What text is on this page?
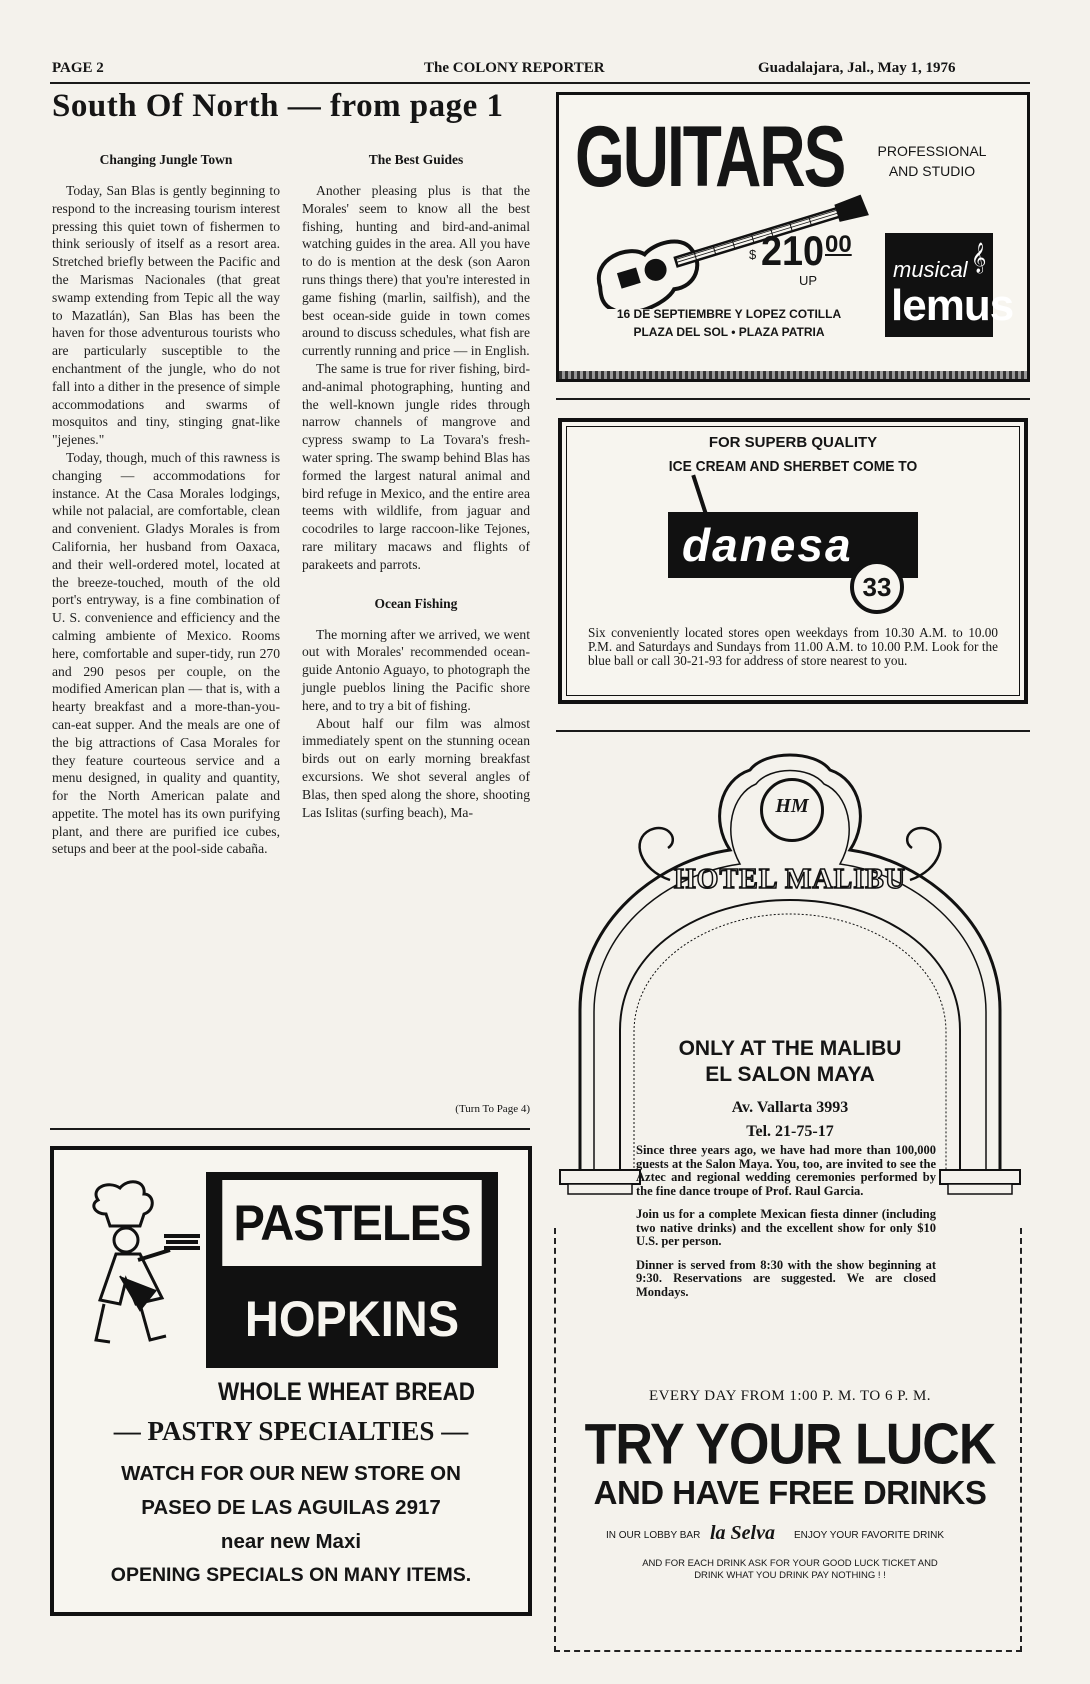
PAGE 2	The COLONY REPORTER	Guadalajara, Jal., May 1, 1976
South Of North — from page 1
Changing Jungle Town

Today, San Blas is gently beginning to respond to the increasing tourism interest pressing this quiet town of fishermen to think seriously of itself as a resort area. Stretched briefly between the Pacific and the Marismas Nacionales (that great swamp extending from Tepic all the way to Mazatlán), San Blas has been the haven for those adventurous tourists who are particularly susceptible to the enchantment of the jungle, who do not fall into a dither in the presence of simple accommodations and swarms of mosquitos and tiny, stinging gnat-like "jejenes."

Today, though, much of this rawness is changing — accommodations for instance. At the Casa Morales lodgings, while not palacial, are comfortable, clean and convenient. Gladys Morales is from California, her husband from Oaxaca, and their well-ordered motel, located at the breeze-touched, mouth of the old port's entryway, is a fine combination of U. S. convenience and efficiency and the calming ambiente of Mexico. Rooms here, comfortable and super-tidy, run 270 and 290 pesos per couple, on the modified American plan — that is, with a hearty breakfast and a more-than-you-can-eat supper. And the meals are one of the big attractions of Casa Morales for they feature courteous service and a menu designed, in quality and quantity, for the North American palate and appetite. The motel has its own purifying plant, and there are purified ice cubes, setups and beer at the pool-side cabaña.

The Best Guides

Another pleasing plus is that the Morales' seem to know all the best fishing, hunting and bird-and-animal watching guides in the area. All you have to do is mention at the desk (son Aaron runs things there) that you're interested in game fishing (marlin, sailfish), and the best ocean-side guide in town comes around to discuss schedules, what fish are currently running and price — in English.

The same is true for river fishing, bird-and-animal photographing, hunting and the well-known jungle rides through narrow channels of mangrove and cypress swamp to La Tovara's fresh-water spring. The swamp behind Blas has formed the largest natural animal and bird refuge in Mexico, and the entire area teems with wildlife, from jaguar and cocodriles to large raccoon-like Tejones, rare military macaws and flights of parakeets and parrots.

Ocean Fishing

The morning after we arrived, we went out with Morales' recommended ocean-guide Antonio Aguayo, to photograph the jungle pueblos lining the Pacific shore here, and to try a bit of fishing.

About half our film was almost immediately spent on the stunning ocean birds out on early morning breakfast excursions. We shot several angles of Blas, then sped along the shore, shooting Las Islitas (surfing beach), Ma-

(Turn To Page 4)
GUITARS	PROFESSIONAL
AND STUDIO
$ 210 00
UP
16 DE SEPTIEMBRE Y LOPEZ COTILLA
PLAZA DEL SOL • PLAZA PATRIA
musical 𝄞
lemus
FOR SUPERB QUALITY
ICE CREAM AND SHERBET COME TO
danesa
33
Six conveniently located stores open weekdays from 10.30 A.M. to 10.00 P.M. and Saturdays and Sundays from 11.00 A.M. to 10.00 P.M. Look for the blue ball or call 30-21-93 for address of store nearest to you.
HM
HOTEL MALIBU
ONLY AT THE MALIBU
EL SALON MAYA
Av. Vallarta 3993
Tel. 21-75-17
Since three years ago, we have had more than 100,000 guests at the Salon Maya. You, too, are invited to see the Aztec and regional wedding ceremonies performed by the fine dance troupe of Prof. Raul Garcia.
Join us for a complete Mexican fiesta dinner (including two native drinks) and the excellent show for only $10 U.S. per person.
Dinner is served from 8:30 with the show beginning at 9:30. Reservations are suggested. We are closed Mondays.
EVERY DAY FROM 1:00 P. M. TO 6 P. M.
TRY YOUR LUCK
AND HAVE FREE DRINKS
IN OUR LOBBY BAR la Selva ENJOY YOUR FAVORITE DRINK
AND FOR EACH DRINK ASK FOR YOUR GOOD LUCK TICKET AND
DRINK WHAT YOU DRINK PAY NOTHING ! !
PASTELES
HOPKINS
WHOLE WHEAT BREAD
— PASTRY SPECIALTIES —
WATCH FOR OUR NEW STORE ON
PASEO DE LAS AGUILAS 2917
near new Maxi
OPENING SPECIALS ON MANY ITEMS.
